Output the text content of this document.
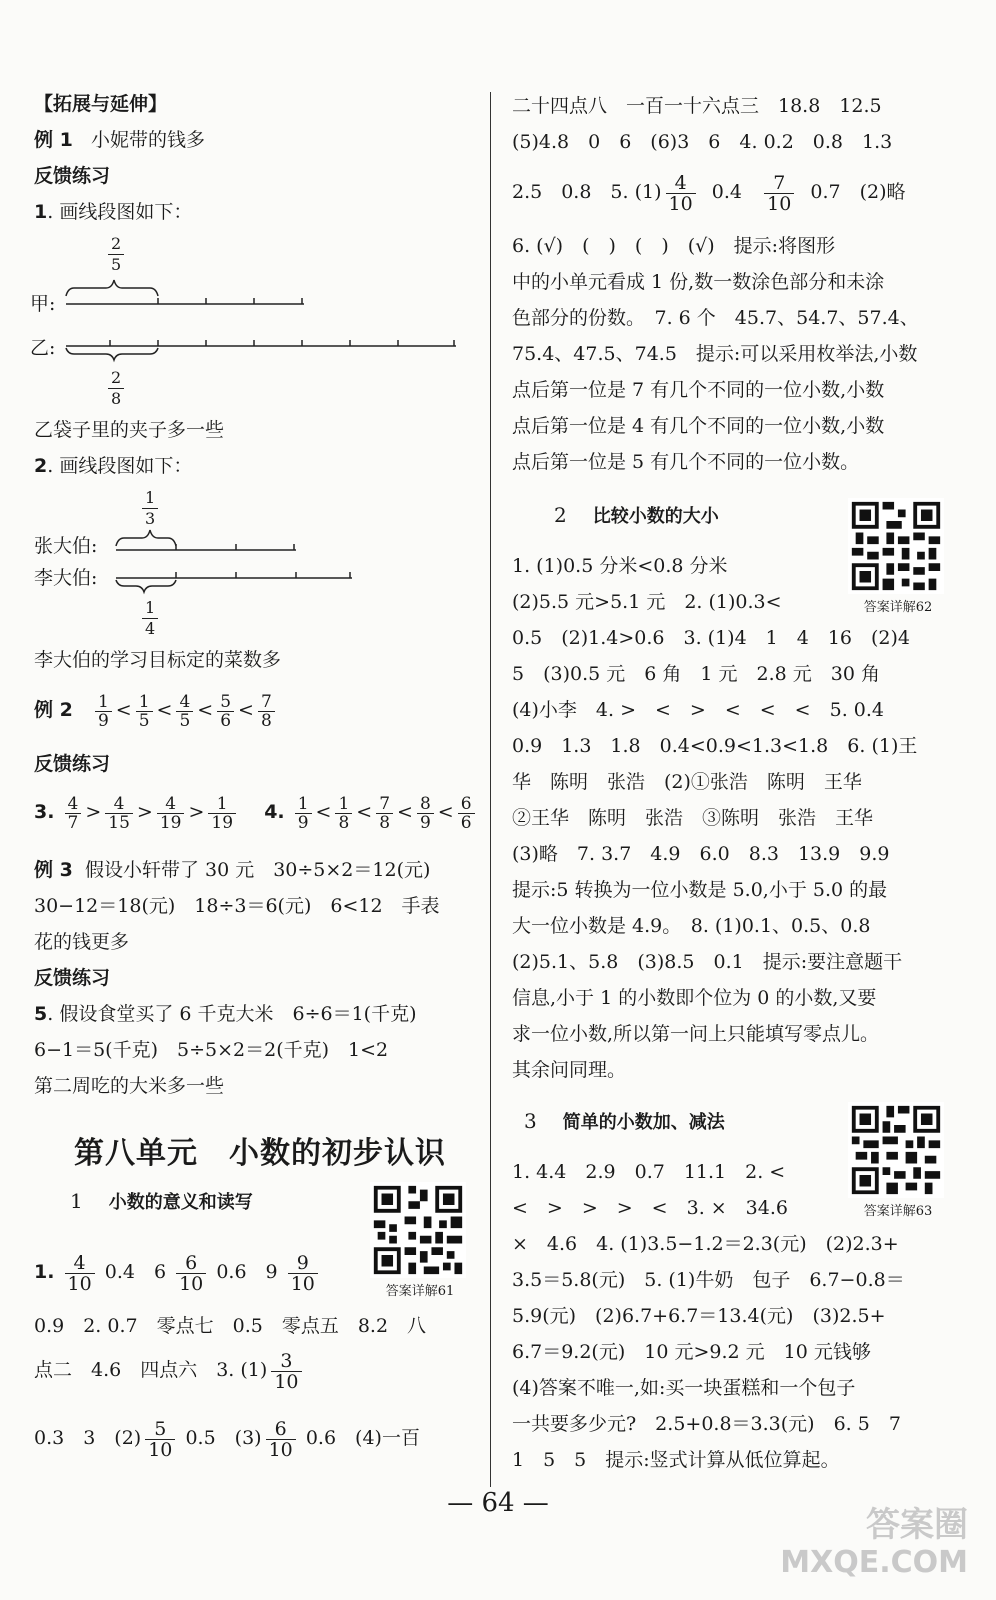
【拓展与延伸】
例 1 小妮带的钱多
反馈练习
1. 画线段图如下：
$\frac{2}{5}$
甲:
乙:
$\frac{2}{8}$
乙袋子里的夹子多一些
2. 画线段图如下：
$\frac{1}{3}$
张大伯:
李大伯:
$\frac{1}{4}$
李大伯的学习目标定的菜数多
例 $2 \frac{1}{9} < \frac{1}{5} < \frac{4}{5} < \frac{5}{6} < \frac{7}{8}$
反馈练习
3. $\frac{4}{7} > \frac{4}{15} > \frac{4}{19} > \frac{1}{19} 4$. $\frac{1}{9} < \frac{1}{8} < \frac{7}{8} < \frac{8}{9} < \frac{6}{6}$
例 3 假设小轩带了 30 元　30÷5×2＝12(元)
30−12＝18(元)　18÷3＝6(元)　6<12　手表
花的钱更多
反馈练习
5. 假设食堂买了 6 千克大米　6÷6＝1(千克)
6−1＝5(千克)　5÷5×2＝2(千克)　1<2
第二周吃的大米多一些
第八单元　小数的初步认识
1 小数的意义和读写
答案详解61
1. $\frac{4}{10} 0.4$　$6 \frac{6}{10} 0.6$　$9 \frac{9}{10}$
0.9　2. 0.7　零点七　0.5　零点五　8.2　八
点二　4.6　四点六　3. $(1) \frac{3}{10}$
0.3　3　$(2) \frac{5}{10} 0.5$　$(3) \frac{6}{10} 0.6$　(4)一百
二十四点八　一百一十六点三　18.8　12.5
(5)4.8　0　6　(6)3　6　4. 0.2　0.8　1.3
2.5　0.8　5. $(1) \frac{4}{10} 0.4 \frac{7}{10} 0.7$　(2)略
6. (√)　(　)　(　)　(√)　提示:将图形
中的小单元看成 1 份,数一数涂色部分和未涂
色部分的份数。　7. 6 个　45.7、54.7、57.4、
75.4、47.5、74.5　提示:可以采用枚举法,小数
点后第一位是 7 有几个不同的一位小数,小数
点后第一位是 4 有几个不同的一位小数,小数
点后第一位是 5 有几个不同的一位小数。
2 比较小数的大小
答案详解62
1. (1)0.5 分米<0.8 分米
(2)5.5 元>5.1 元　2. (1)0.3<
0.5　(2)1.4>0.6　3. (1)4　1　4　16　(2)4
5　(3)0.5 元　6 角　1 元　2.8 元　30 角
(4)小李　4. >　<　>　<　<　<　5. 0.4
0.9　1.3　1.8　0.4<0.9<1.3<1.8　6. (1)王
华　陈明　张浩　(2)①张浩　陈明　王华
②王华　陈明　张浩　③陈明　张浩　王华
(3)略　7. 3.7　4.9　6.0　8.3　13.9　9.9
提示:5 转换为一位小数是 5.0,小于 5.0 的最
大一位小数是 4.9。　8. (1)0.1、0.5、0.8
(2)5.1、5.8　(3)8.5　0.1　提示:要注意题干
信息,小于 1 的小数即个位为 0 的小数,又要
求一位小数,所以第一问上只能填写零点儿。
其余问同理。
3 简单的小数加、减法
答案详解63
1. 4.4　2.9　0.7　11.1　2. <
<　>　>　>　<　3. ×　34.6
×　4.6　4. (1)3.5−1.2＝2.3(元)　(2)2.3+
3.5＝5.8(元)　5. (1)牛奶　包子　6.7−0.8＝
5.9(元)　(2)6.7+6.7＝13.4(元)　(3)2.5+
6.7＝9.2(元)　10 元>9.2 元　10 元钱够
(4)答案不唯一,如:买一块蛋糕和一个包子
一共要多少元?　2.5+0.8＝3.3(元)　6. 5　7
1　5　5　提示:竖式计算从低位算起。
— 64 —
答案圈
MXQE.COM
